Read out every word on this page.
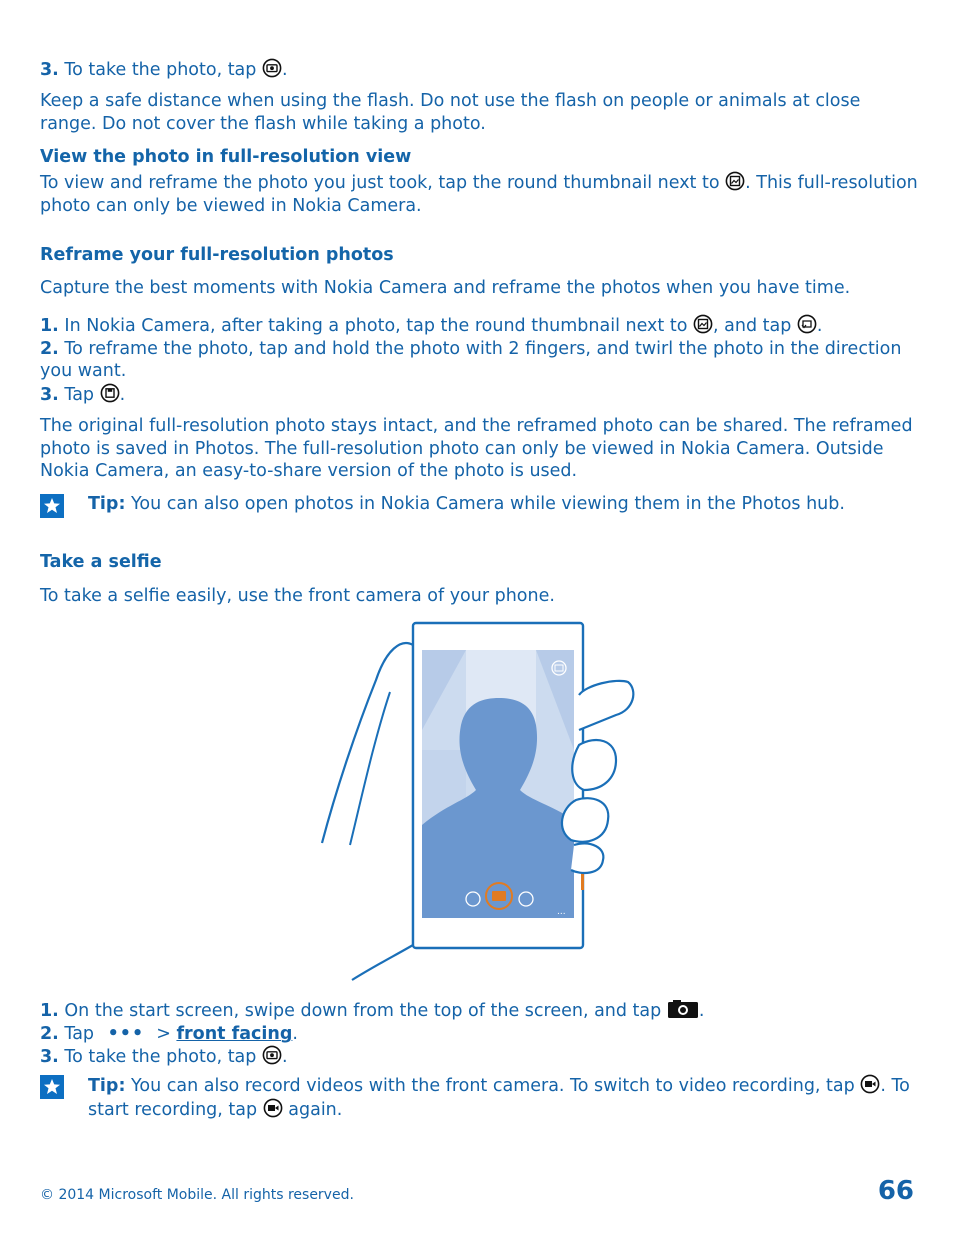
3. To take the photo, tap .

Keep a safe distance when using the flash. Do not use the flash on people or animals at close range. Do not cover the flash while taking a photo.

View the photo in full-resolution view

To view and reframe the photo you just took, tap the round thumbnail next to . This full-resolution photo can only be viewed in Nokia Camera.

Reframe your full-resolution photos

Capture the best moments with Nokia Camera and reframe the photos when you have time.

1. In Nokia Camera, after taking a photo, tap the round thumbnail next to , and tap .
2. To reframe the photo, tap and hold the photo with 2 fingers, and twirl the photo in the direction you want.
3. Tap .

The original full-resolution photo stays intact, and the reframed photo can be shared. The reframed photo is saved in Photos. The full-resolution photo can only be viewed in Nokia Camera. Outside Nokia Camera, an easy-to-share version of the photo is used.

Tip: You can also open photos in Nokia Camera while viewing them in the Photos hub.

Take a selfie

To take a selfie easily, use the front camera of your phone.

...
1. On the start screen, swipe down from the top of the screen, and tap .
2. Tap ••• > front facing.
3. To take the photo, tap .

Tip: You can also record videos with the front camera. To switch to video recording, tap . To start recording, tap again.

© 2014 Microsoft Mobile. All rights reserved.	66
